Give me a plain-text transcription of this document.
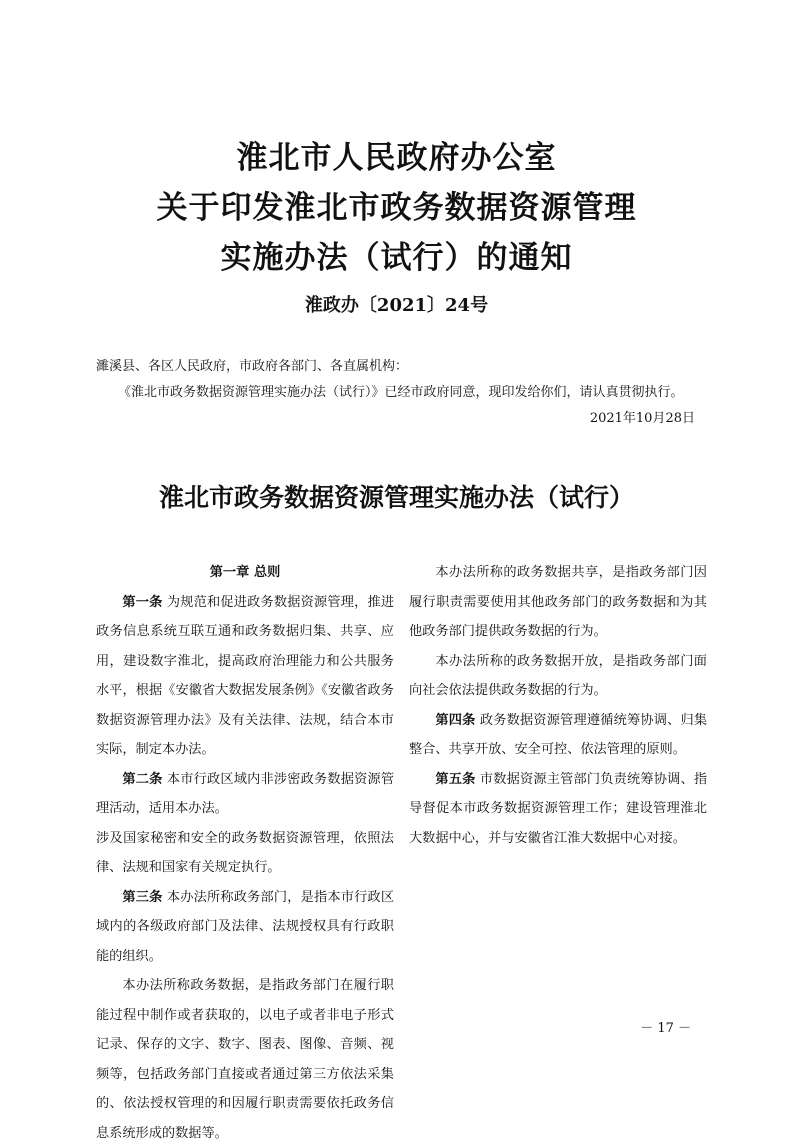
淮北市人民政府办公室
关于印发淮北市政务数据资源管理
实施办法（试行）的通知

淮政办〔2021〕24号

濉溪县、各区人民政府，市政府各部门、各直属机构：

《淮北市政务数据资源管理实施办法（试行）》已经市政府同意，现印发给你们，请认真贯彻执行。

2021年10月28日

淮北市政务数据资源管理实施办法（试行）

第一章 总则

第一条 为规范和促进政务数据资源管理，推进政务信息系统互联互通和政务数据归集、共享、应用，建设数字淮北，提高政府治理能力和公共服务水平，根据《安徽省大数据发展条例》《安徽省政务数据资源管理办法》及有关法律、法规，结合本市实际，制定本办法。

第二条 本市行政区域内非涉密政务数据资源管理活动，适用本办法。

涉及国家秘密和安全的政务数据资源管理，依照法律、法规和国家有关规定执行。

第三条 本办法所称政务部门，是指本市行政区域内的各级政府部门及法律、法规授权具有行政职能的组织。

本办法所称政务数据，是指政务部门在履行职能过程中制作或者获取的，以电子或者非电子形式记录、保存的文字、数字、图表、图像、音频、视频等，包括政务部门直接或者通过第三方依法采集的、依法授权管理的和因履行职责需要依托政务信息系统形成的数据等。

本办法所称的政务数据共享，是指政务部门因履行职责需要使用其他政务部门的政务数据和为其他政务部门提供政务数据的行为。

本办法所称的政务数据开放，是指政务部门面向社会依法提供政务数据的行为。

第四条 政务数据资源管理遵循统筹协调、归集整合、共享开放、安全可控、依法管理的原则。

第五条 市数据资源主管部门负责统筹协调、指导督促本市政务数据资源管理工作；建设管理淮北大数据中心，并与安徽省江淮大数据中心对接。

－ 17 －
